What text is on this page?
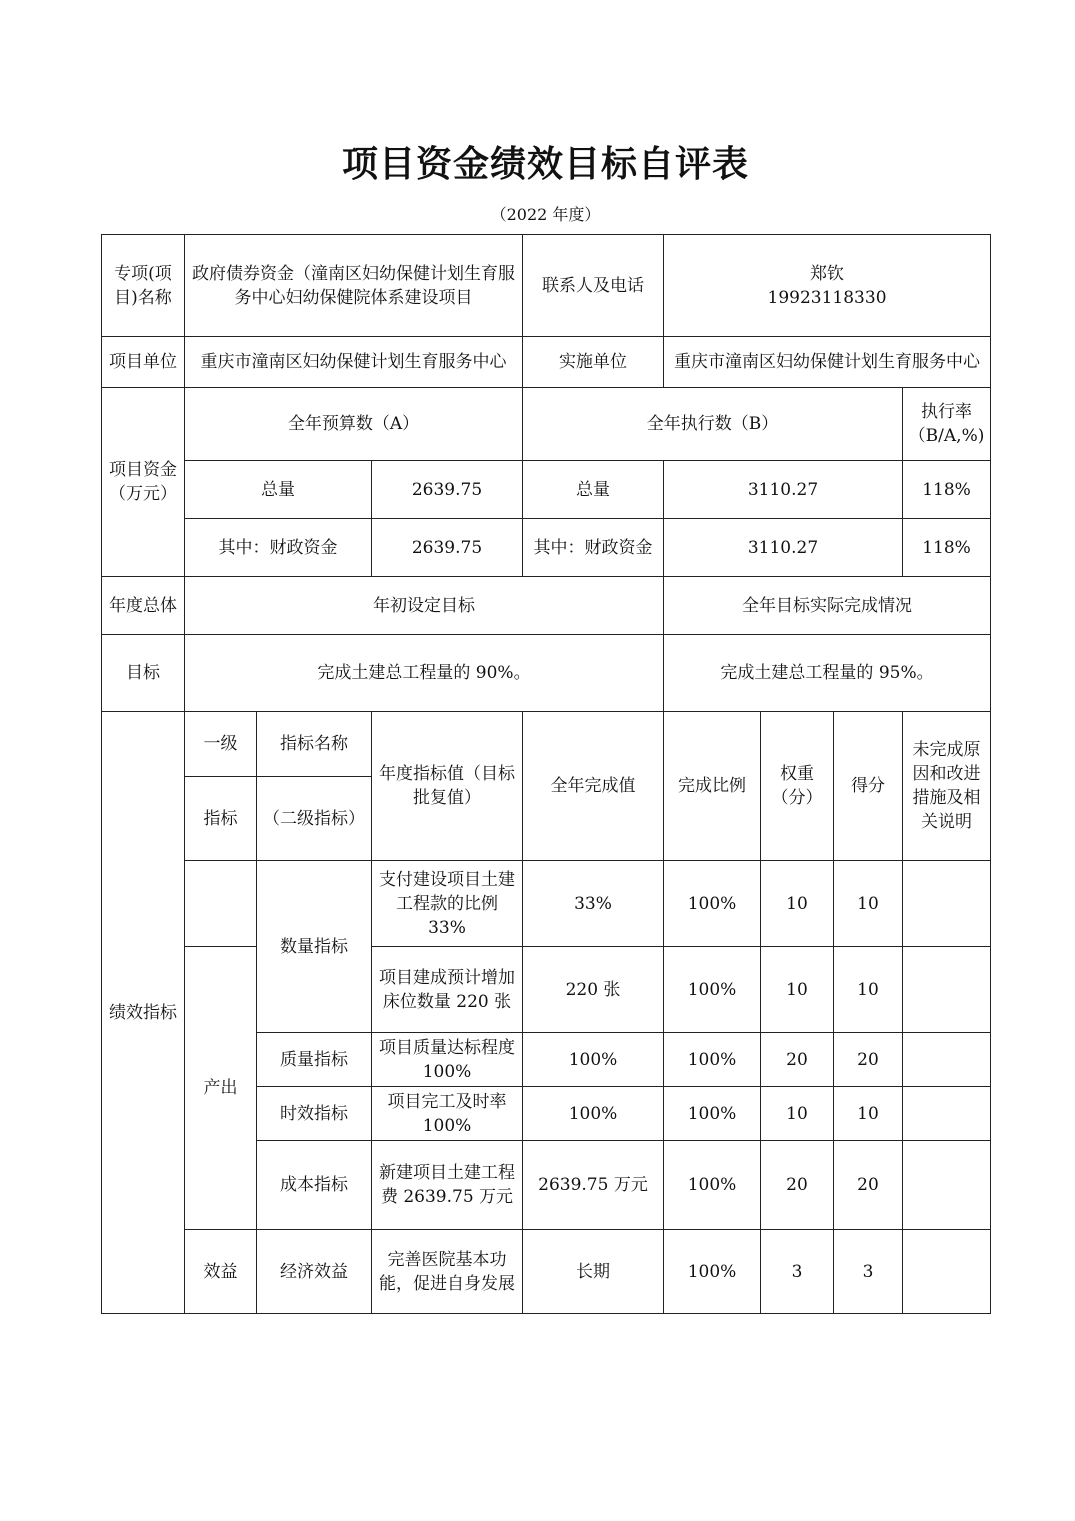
项目资金绩效目标自评表
（2022 年度）
专项(项目)名称	政府债券资金（潼南区妇幼保健计划生育服务中心妇幼保健院体系建设项目			联系人及电话	郑钦
19923118330			

项目单位	重庆市潼南区妇幼保健计划生育服务中心			实施单位	重庆市潼南区妇幼保健计划生育服务中心			
项目资金（万元）	全年预算数（A）			全年执行数（B）				执行率（B/A,%)
	总量		2639.75	总量	3110.27			118%
	其中：财政资金		2639.75	其中：财政资金	3110.27			118%
年度总体	年初设定目标				全年目标实际完成情况			
目标	完成土建总工程量的 90%。				完成土建总工程量的 95%。			
绩效指标	一级	指标名称	年度指标值（目标批复值）	全年完成值	完成比例	权重（分）	得分	未完成原因和改进措施及相关说明
	指标	（二级指标）						
		数量指标	支付建设项目土建工程款的比例 33%	33%	100%	10	10	
	产出		项目建成预计增加床位数量 220 张	220 张	100%	10	10	
		质量指标	项目质量达标程度 100%	100%	100%	20	20	
		时效指标	项目完工及时率 100%	100%	100%	10	10	
		成本指标	新建项目土建工程费 2639.75 万元	2639.75 万元	100%	20	20	
	效益	经济效益	完善医院基本功能，促进自身发展	长期	100%	3	3	
